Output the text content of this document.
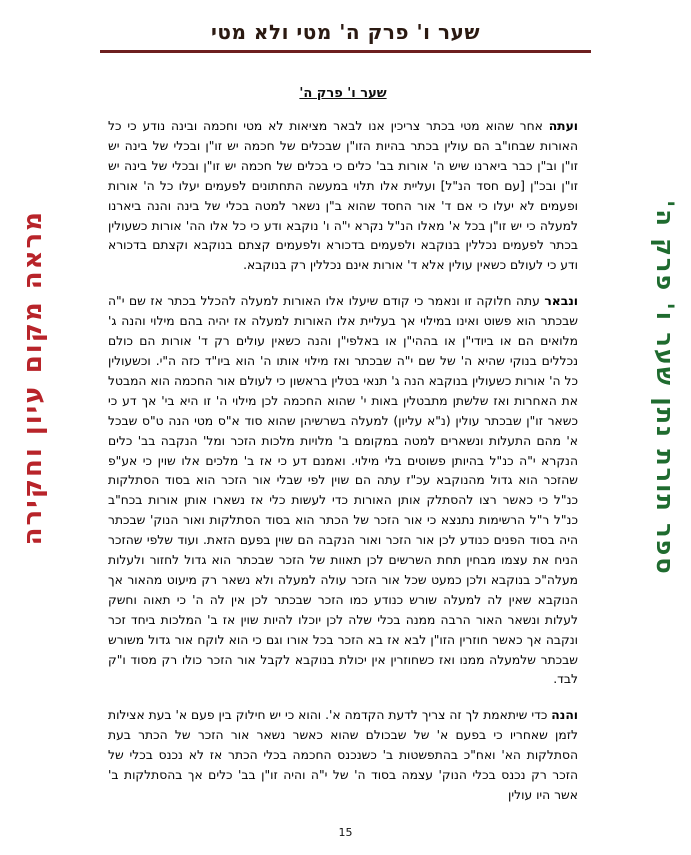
שער ו' פרק ה' מטי ולא מטי
מראה מקום עיון וחקירה	ספר תורת נתן שער ו' פרק ה'
שער ו' פרק ה'

ועתה אחר שהוא מטי בכתר צריכין אנו לבאר מציאות לא מטי וחכמה ובינה נודע כי כל האורות שבחו"ב הם עולין בכתר בהיות הזו"ן שבכלים של חכמה יש זו"ן ובכלי של בינה יש זו"ן וב"ן כבר ביארנו שיש ה' אורות בב' כלים כי בכלים של חכמה יש זו"ן ובכלי של בינה יש זו"ן ובכ"ן [עם חסד הנ"ל] ועליית אלו תלוי במעשה התחתונים לפעמים יעלו כל ה' אורות ופעמים לא יעלו כי אם ד' אור החסד שהוא ב"ן נשאר למטה בכלי של בינה והנה ביארנו למעלה כי יש זו"ן בכל א' מאלו הנ"ל נקרא י"ה ו' נוקבא ודע כי כל אלו הה' אורות כשעולין בכתר לפעמים נכללין בנוקבא ולפעמים בדכורא ולפעמים קצתם בנוקבא וקצתם בדכורא ודע כי לעולם כשאין עולין אלא ד' אורות אינם נכללין רק בנוקבא.

ונבאר עתה חלוקה זו ונאמר כי קודם שיעלו אלו האורות למעלה להכלל בכתר אז שם י"ה שבכתר הוא פשוט ואינו במילוי אך בעליית אלו האורות למעלה אז יהיה בהם מילוי והנה ג' מלואים הם או ביודי"ן או בההי"ן או באלפי"ן והנה כשאין עולים רק ד' אורות הם כולם נכללים בנוקי שהיא ה' של שם י"ה שבכתר ואז מילוי אותו ה' הוא ביו"ד כזה ה"י. וכשעולין כל ה' אורות כשעולין בנוקבא הנה ג' תנאי בטלין בראשון כי לעולם אור החכמה הוא המבטל את האחרות ואז שלשתן מתבטלין באות י' שהוא החכמה לכן מילוי ה' זו היא בי' אך דע כי כשאר זו"ן שבכתר עולין (נ"א עליון) למעלה בשרשיהן שהוא סוד א"ס מטי הנה ט"ס שבכל א' מהם התעלות ונשארים למטה במקומם ב' מלויות מלכות הזכר ומל' הנקבה בב' כלים הנקרא י"ה כנ"ל בהיותן פשוטים בלי מילוי. ואמנם דע כי אז ב' מלכים אלו שוין כי אע"פ שהזכר הוא גדול מהנוקבא עכ"ז עתה הם שוין לפי שבלי אור הזכר הוא בסוד הסתלקות כנ"ל כי כאשר רצו להסתלק אותן האורות כדי לעשות כלי אז נשארו אותן אורות בכח"ב כנ"ל ר"ל הרשימות נתנצא כי אור הזכר של הכתר הוא בסוד הסתלקות ואור הנוק' שבכתר היה בסוד הפנים כנודע לכן אור הזכר ואור הנקבה הם שוין בפעם הזאת. ועוד שלפי שהזכר הניח את עצמו מבחין תחת השרשים לכן תאוות של הזכר שבכתר הוא גדול לחזור ולעלות מעלה"כ בנוקבא ולכן כמעט שכל אור הזכר עולה למעלה ולא נשאר רק מיעוט מהאור אך הנוקבא שאין לה למעלה שורש כנודע כמו הזכר שבכתר לכן אין לה ה' כי תאוה וחשק לעלות ונשאר האור הרבה ממנה בכלי שלה לכן יוכלו להיות שוין אז ב' המלכות ביחד זכר ונקבה אך כאשר חוזרין הזו"ן לבא אז בא הזכר בכל אורו וגם כי הוא לוקח אור גדול משורש שבכתר שלמעלה ממנו ואז כשחוזרין אין יכולת בנוקבא לקבל אור הזכר כולו רק מסוד ו"ק לבד.

והנה כדי שיתאמת לך זה צריך לדעת הקדמה א'. והוא כי יש חילוק בין פעם א' בעת אצילות לזמן שאחריו כי בפעם א' של שבכולם שהוא כאשר נשאר אור הזכר של הכתר בעת הסתלקות הא' ואח"כ בהתפשטות ב' כשנכנס החכמה בכלי הכתר אז לא נכנס בכלי של הזכר רק נכנס בכלי הנוק' עצמה בסוד ה' של י"ה והיה זו"ן בב' כלים אך בהסתלקות ב' אשר היו עולין

15
